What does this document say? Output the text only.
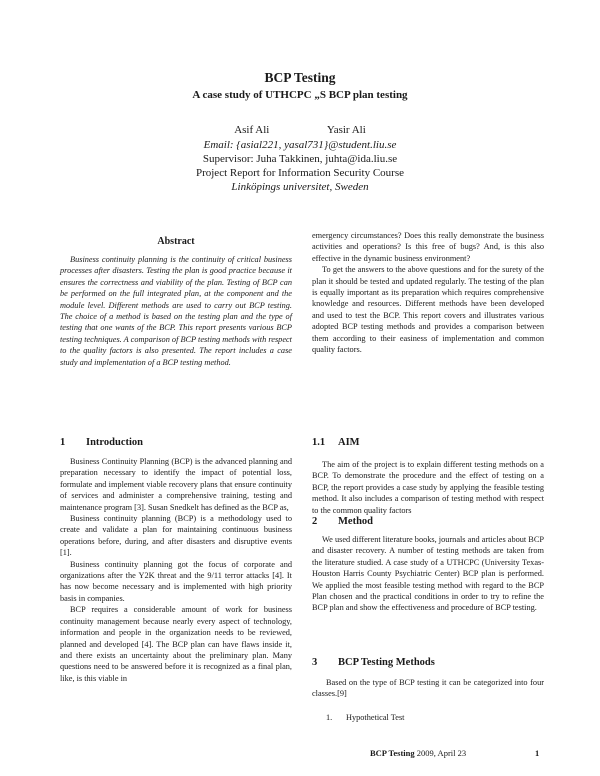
BCP Testing
A case study of UTHCPC „S BCP plan testing
Asif Ali	Yasir Ali
Email: {asial221, yasal731}@student.liu.se
Supervisor: Juha Takkinen, juhta@ida.liu.se
Project Report for Information Security Course
Linköpings universitet, Sweden
Abstract

Business continuity planning is the continuity of critical business processes after disasters. Testing the plan is good practice because it ensures the correctness and viability of the plan. Testing of BCP can be performed on the full integrated plan, at the component and the module level. Different methods are used to carry out BCP testing. The choice of a method is based on the testing plan and the type of testing that one wants of the BCP. This report presents various BCP testing techniques. A comparison of BCP testing methods with respect to the quality factors is also presented. The report includes a case study and implementation of a BCP testing method.

1 Introduction

Business Continuity Planning (BCP) is the advanced planning and preparation necessary to identify the impact of potential loss, formulate and implement viable recovery plans that ensure continuity of services and administer a comprehensive training, testing and maintenance program [3]. Susan Snedkelt has defined as the BCP as,

Business continuity planning (BCP) is a methodology used to create and validate a plan for maintaining continuous business operations before, during, and after disasters and disruptive events [1].

Business continuity planning got the focus of corporate and organizations after the Y2K threat and the 9/11 terror attacks [4]. It has now become necessary and is implemented with high priority basis in companies.

BCP requires a considerable amount of work for business continuity management because nearly every aspect of technology, information and people in the organization needs to be reviewed, planned and developed [4]. The BCP plan can have flaws inside it, and there exists an uncertainty about the preliminary plan. Many questions need to be answered before it is recognized as a final plan, like, is this viable in

emergency circumstances? Does this really demonstrate the business activities and operations? Is this free of bugs? And, is this also effective in the dynamic business environment?

To get the answers to the above questions and for the surety of the plan it should be tested and updated regularly. The testing of the plan is equally important as its preparation which requires comprehensive knowledge and resources. Different methods have been developed and used to test the BCP. This report covers and illustrates various adopted BCP testing methods and provides a comparison between them according to their easiness of implementation and common quality factors.

1.1 AIM

The aim of the project is to explain different testing methods on a BCP. To demonstrate the procedure and the effect of testing on a BCP, the report provides a case study by applying the feasible testing method. It also includes a comparison of testing method with respect to the common quality factors

2 Method

We used different literature books, journals and articles about BCP and disaster recovery. A number of testing methods are taken from the literature studied. A case study of a UTHCPC (University Texas-Houston Harris County Psychiatric Center) BCP plan is performed. We applied the most feasible testing method with regard to the BCP Plan chosen and the practical conditions in order to try to refine the BCP plan and show the effectiveness and procedure of BCP testing.

3 BCP Testing Methods

Based on the type of BCP testing it can be categorized into four classes.[9]

1. Hypothetical Test
BCP Testing 2009, April 23	1
